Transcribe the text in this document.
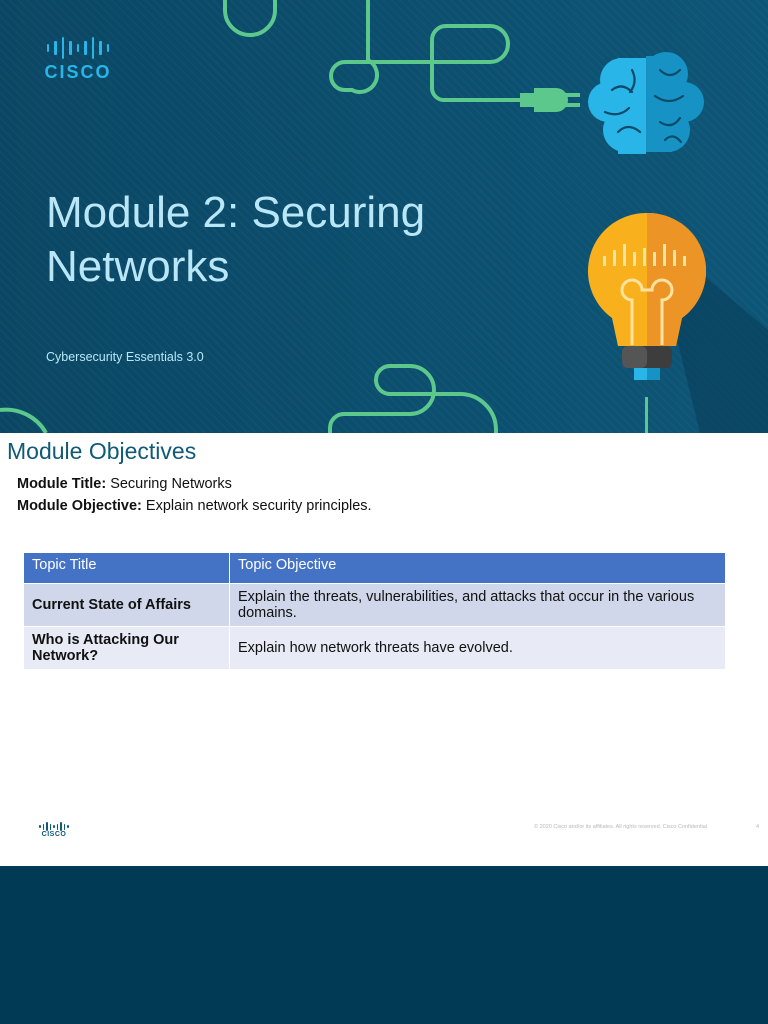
CISCO
Module 2: Securing Networks
Cybersecurity Essentials 3.0
Module Objectives
Module Title: Securing Networks
Module Objective: Explain network security principles.
Topic Title	Topic Objective
Current State of Affairs	Explain the threats, vulnerabilities, and attacks that occur in the various domains.
Who is Attacking Our Network?	Explain how network threats have evolved.
CISCO
© 2020 Cisco and/or its affiliates. All rights reserved. Cisco Confidential	4
